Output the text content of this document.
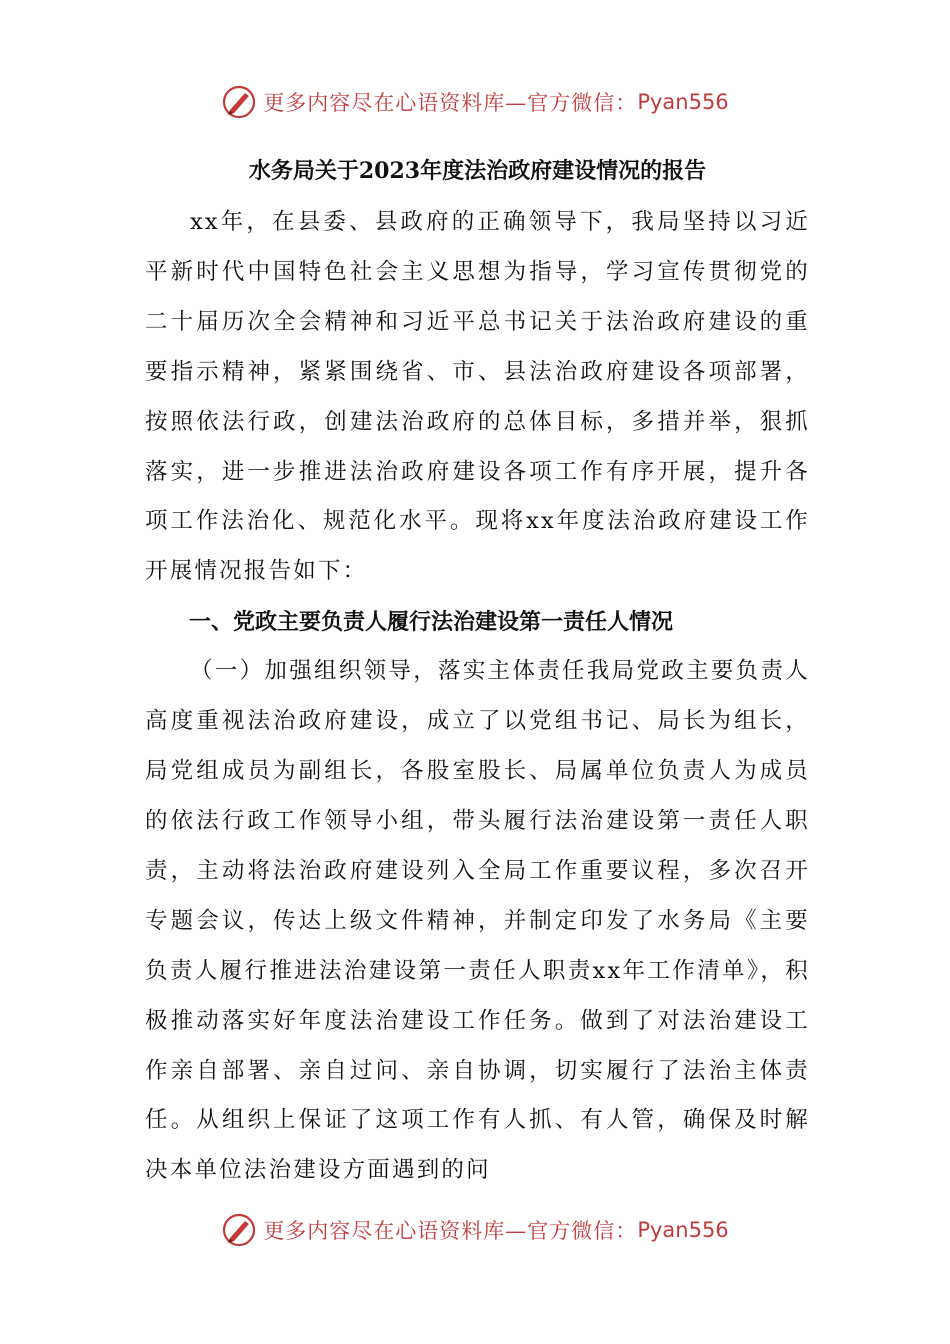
更多内容尽在心语资料库—官方微信： Pyan556
水务局关于2023年度法治政府建设情况的报告

xx年，在县委、县政府的正确领导下，我局坚持以习近平新时代中国特色社会主义思想为指导，学习宣传贯彻党的二十届历次全会精神和习近平总书记关于法治政府建设的重要指示精神，紧紧围绕省、市、县法治政府建设各项部署，按照依法行政，创建法治政府的总体目标，多措并举，狠抓落实，进一步推进法治政府建设各项工作有序开展，提升各项工作法治化、规范化水平。现将xx年度法治政府建设工作开展情况报告如下：

一、党政主要负责人履行法治建设第一责任人情况

（一）加强组织领导，落实主体责任我局党政主要负责人高度重视法治政府建设，成立了以党组书记、局长为组长，局党组成员为副组长，各股室股长、局属单位负责人为成员的依法行政工作领导小组，带头履行法治建设第一责任人职责，主动将法治政府建设列入全局工作重要议程，多次召开专题会议，传达上级文件精神，并制定印发了水务局《主要负责人履行推进法治建设第一责任人职责xx年工作清单》，积极推动落实好年度法治建设工作任务。做到了对法治建设工作亲自部署、亲自过问、亲自协调，切实履行了法治主体责任。从组织上保证了这项工作有人抓、有人管，确保及时解决本单位法治建设方面遇到的问

更多内容尽在心语资料库—官方微信： Pyan556
